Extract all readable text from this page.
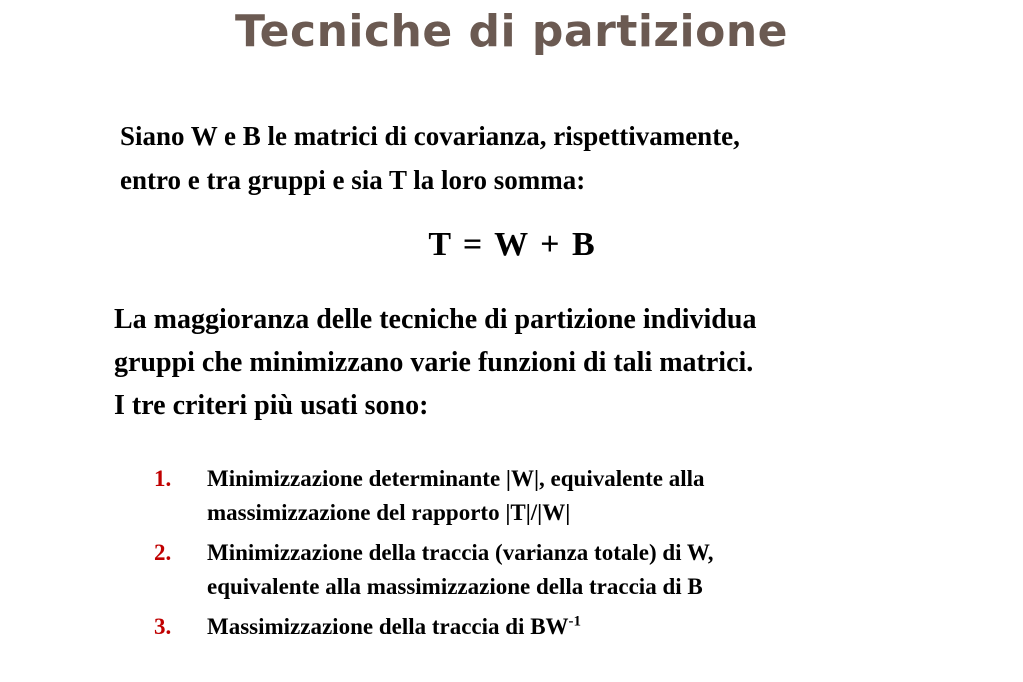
Tecniche di partizione
Siano W e B le matrici di covarianza, rispettivamente,
entro e tra gruppi e sia T la loro somma:
T = W + B
La maggioranza delle tecniche di partizione individua
gruppi che minimizzano varie funzioni di tali matrici.
I tre criteri più usati sono:
1. Minimizzazione determinante |W|, equivalente alla
massimizzazione del rapporto |T|/|W|
2. Minimizzazione della traccia (varianza totale) di W,
equivalente alla massimizzazione della traccia di B
3. Massimizzazione della traccia di $BW^{-1}$
